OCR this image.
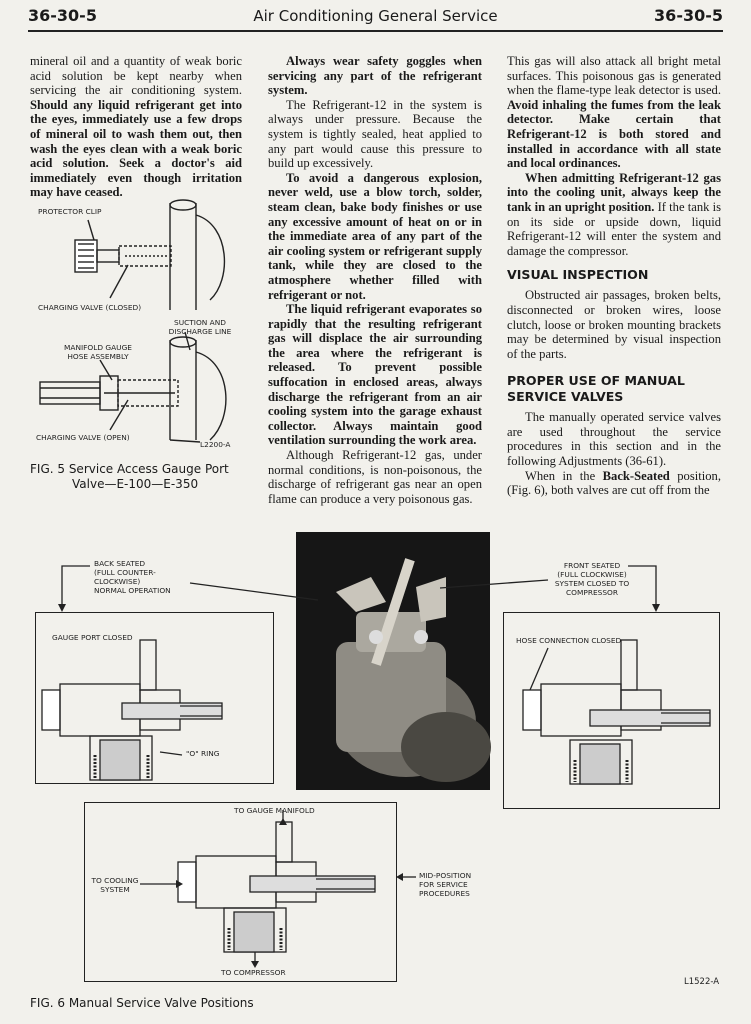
36-30-5	Air Conditioning General Service	36-30-5

mineral oil and a quantity of weak boric acid solution be kept nearby when servicing the air conditioning system. Should any liquid refrigerant get into the eyes, immediately use a few drops of mineral oil to wash them out, then wash the eyes clean with a weak boric acid solution. Seek a doctor's aid immediately even though irritation may have ceased.

Always wear safety goggles when servicing any part of the refrigerant system.

The Refrigerant-12 in the system is always under pressure. Because the system is tightly sealed, heat applied to any part would cause this pressure to build up excessively.

To avoid a dangerous explosion, never weld, use a blow torch, solder, steam clean, bake body finishes or use any excessive amount of heat on or in the immediate area of any part of the air cooling system or refrigerant supply tank, while they are closed to the atmosphere whether filled with refrigerant or not.

The liquid refrigerant evaporates so rapidly that the resulting refrigerant gas will displace the air surrounding the area where the refrigerant is released. To prevent possible suffocation in enclosed areas, always discharge the refrigerant from an air cooling system into the garage exhaust collector. Always maintain good ventilation surrounding the work area.

Although Refrigerant-12 gas, under normal conditions, is non-poisonous, the discharge of refrigerant gas near an open flame can produce a very poisonous gas.

This gas will also attack all bright metal surfaces. This poisonous gas is generated when the flame-type leak detector is used. Avoid inhaling the fumes from the leak detector. Make certain that Refrigerant-12 is both stored and installed in accordance with all state and local ordinances.

When admitting Refrigerant-12 gas into the cooling unit, always keep the tank in an upright position. If the tank is on its side or upside down, liquid Refrigerant-12 will enter the system and damage the compressor.

VISUAL INSPECTION

Obstructed air passages, broken belts, disconnected or broken wires, loose clutch, loose or broken mounting brackets may be determined by visual inspection of the parts.

PROPER USE OF MANUAL
SERVICE VALVES

The manually operated service valves are used throughout the service procedures in this section and in the following Adjustments (36-61).

When in the Back-Seated position, (Fig. 6), both valves are cut off from the

PROTECTOR CLIP
CHARGING VALVE (CLOSED)
SUCTION AND
DISCHARGE LINE
MANIFOLD GAUGE
HOSE ASSEMBLY
CHARGING VALVE (OPEN)
L2200-A
FIG. 5 Service Access Gauge Port
Valve—E-100—E-350
BACK SEATED
(FULL COUNTER-
CLOCKWISE)
NORMAL OPERATION
FRONT SEATED
(FULL CLOCKWISE)
SYSTEM CLOSED TO
COMPRESSOR
GAUGE PORT CLOSED
"O" RING
HOSE CONNECTION CLOSED
TO GAUGE MANIFOLD
TO COOLING
SYSTEM
MID-POSITION
FOR SERVICE
PROCEDURES
TO COMPRESSOR
L1522-A
FIG. 6 Manual Service Valve Positions
